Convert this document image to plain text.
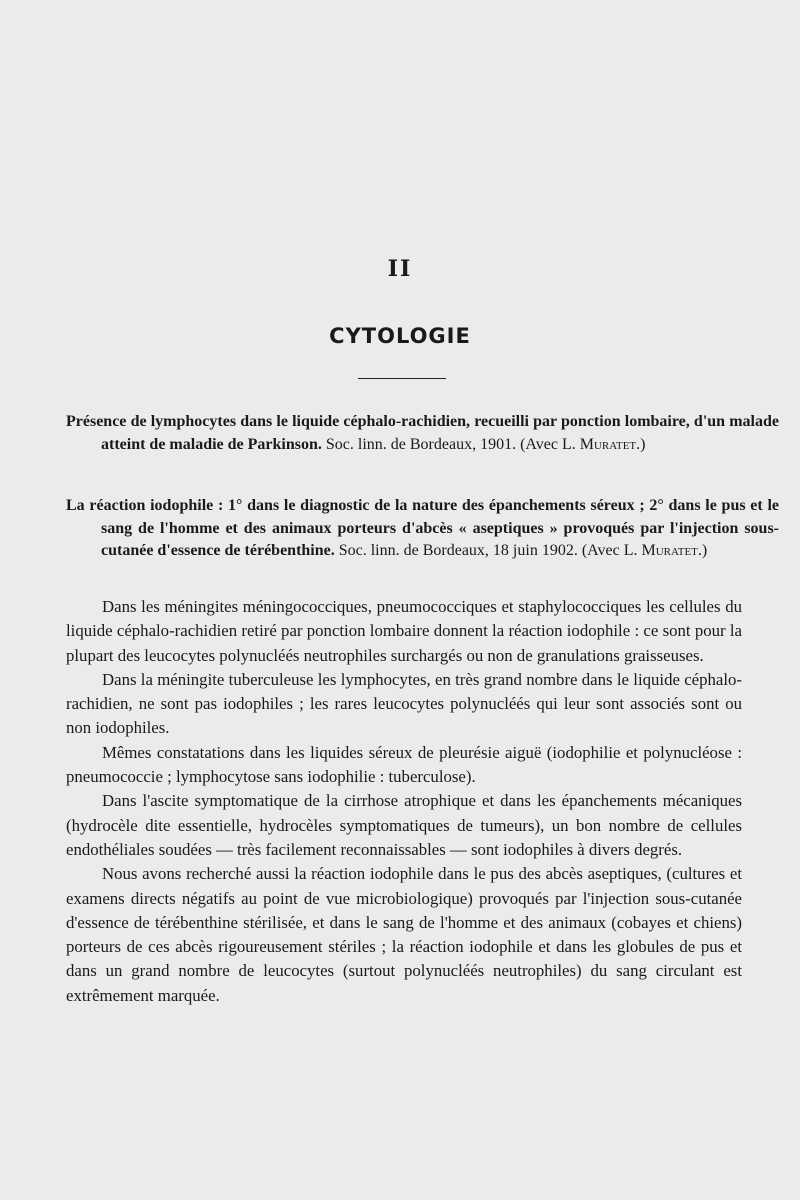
II
CYTOLOGIE
Présence de lymphocytes dans le liquide céphalo-rachidien, recueilli par ponction lombaire, d'un malade atteint de maladie de Parkinson. Soc. linn. de Bordeaux, 1901. (Avec L. Muratet.)
La réaction iodophile : 1° dans le diagnostic de la nature des épanchements séreux ; 2° dans le pus et le sang de l'homme et des animaux porteurs d'abcès « aseptiques » provoqués par l'injection sous-cutanée d'essence de térébenthine. Soc. linn. de Bordeaux, 18 juin 1902. (Avec L. Muratet.)

Dans les méningites méningococciques, pneumococciques et staphylococciques les cellules du liquide céphalo-rachidien retiré par ponction lombaire donnent la réaction iodophile : ce sont pour la plupart des leucocytes polynucléés neutrophiles surchargés ou non de granulations graisseuses.

Dans la méningite tuberculeuse les lymphocytes, en très grand nombre dans le liquide céphalo-rachidien, ne sont pas iodophiles ; les rares leucocytes polynucléés qui leur sont associés sont ou non iodophiles.

Mêmes constatations dans les liquides séreux de pleurésie aiguë (iodophilie et polynucléose : pneumococcie ; lymphocytose sans iodophilie : tuberculose).

Dans l'ascite symptomatique de la cirrhose atrophique et dans les épanchements mécaniques (hydrocèle dite essentielle, hydrocèles symptomatiques de tumeurs), un bon nombre de cellules endothéliales soudées — très facilement reconnaissables — sont iodophiles à divers degrés.

Nous avons recherché aussi la réaction iodophile dans le pus des abcès aseptiques, (cultures et examens directs négatifs au point de vue microbiologique) provoqués par l'injection sous-cutanée d'essence de térébenthine stérilisée, et dans le sang de l'homme et des animaux (cobayes et chiens) porteurs de ces abcès rigoureusement stériles ; la réaction iodophile et dans les globules de pus et dans un grand nombre de leucocytes (surtout polynucléés neutrophiles) du sang circulant est extrêmement marquée.
